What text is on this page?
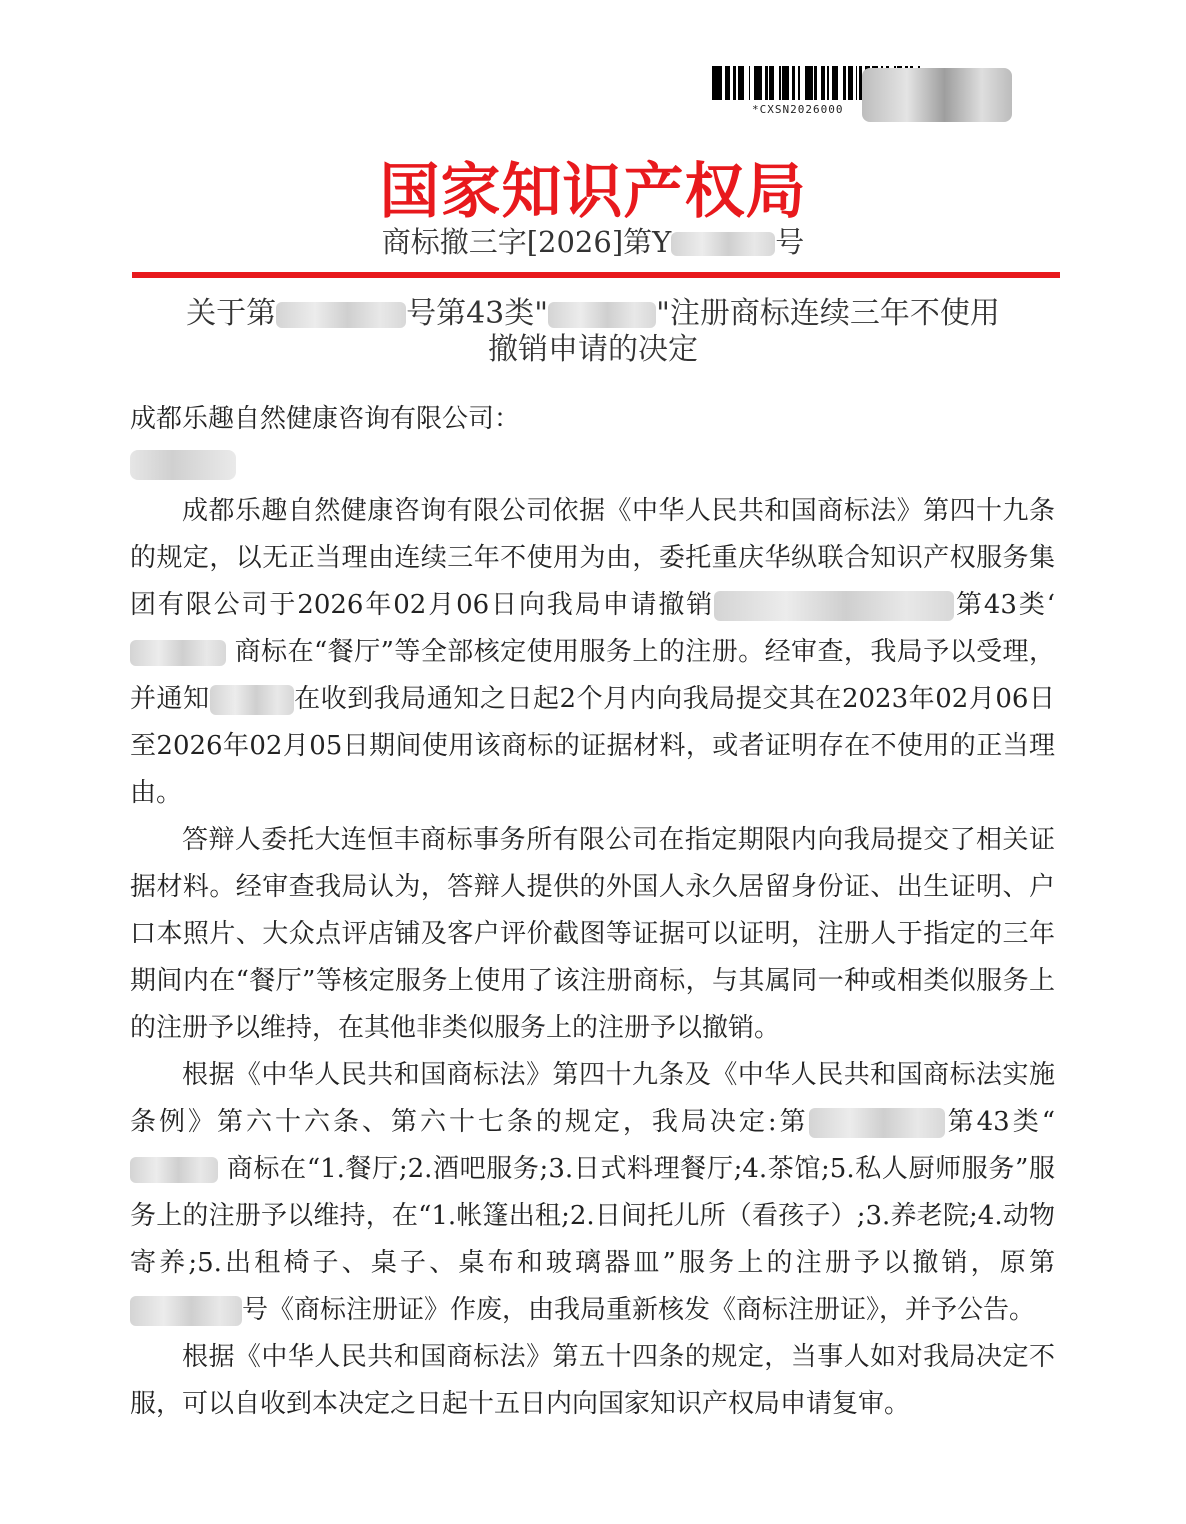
*CXSN2026000
国家知识产权局
商标撤三字[2026]第Y	号
关于第	号第43类"	"注册商标连续三年不使用
撤销申请的决定
成都乐趣自然健康咨询有限公司：

成都乐趣自然健康咨询有限公司依据《中华人民共和国商标法》第四十九条的规定，以无正当理由连续三年不使用为由，委托重庆华纵联合知识产权服务集团有限公司于2026年02月06日向我局申请撤销	第43类‘ 商标在“餐厅”等全部核定使用服务上的注册。经审查，我局予以受理，并通知	在收到我局通知之日起2个月内向我局提交其在2023年02月06日至2026年02月05日期间使用该商标的证据材料，或者证明存在不使用的正当理由。

答辩人委托大连恒丰商标事务所有限公司在指定期限内向我局提交了相关证据材料。经审查我局认为，答辩人提供的外国人永久居留身份证、出生证明、户口本照片、大众点评店铺及客户评价截图等证据可以证明，注册人于指定的三年期间内在“餐厅”等核定服务上使用了该注册商标，与其属同一种或相类似服务上的注册予以维持，在其他非类似服务上的注册予以撤销。

根据《中华人民共和国商标法》第四十九条及《中华人民共和国商标法实施条例》第六十六条、第六十七条的规定，我局决定:第	第43类“ 商标在“1.餐厅;2.酒吧服务;3.日式料理餐厅;4.茶馆;5.私人厨师服务”服务上的注册予以维持，在“1.帐篷出租;2.日间托儿所（看孩子）;3.养老院;4.动物寄养;5.出租椅子、桌子、桌布和玻璃器皿”服务上的注册予以撤销，原第号《商标注册证》作废，由我局重新核发《商标注册证》，并予公告。

根据《中华人民共和国商标法》第五十四条的规定，当事人如对我局决定不服，可以自收到本决定之日起十五日内向国家知识产权局申请复审。
